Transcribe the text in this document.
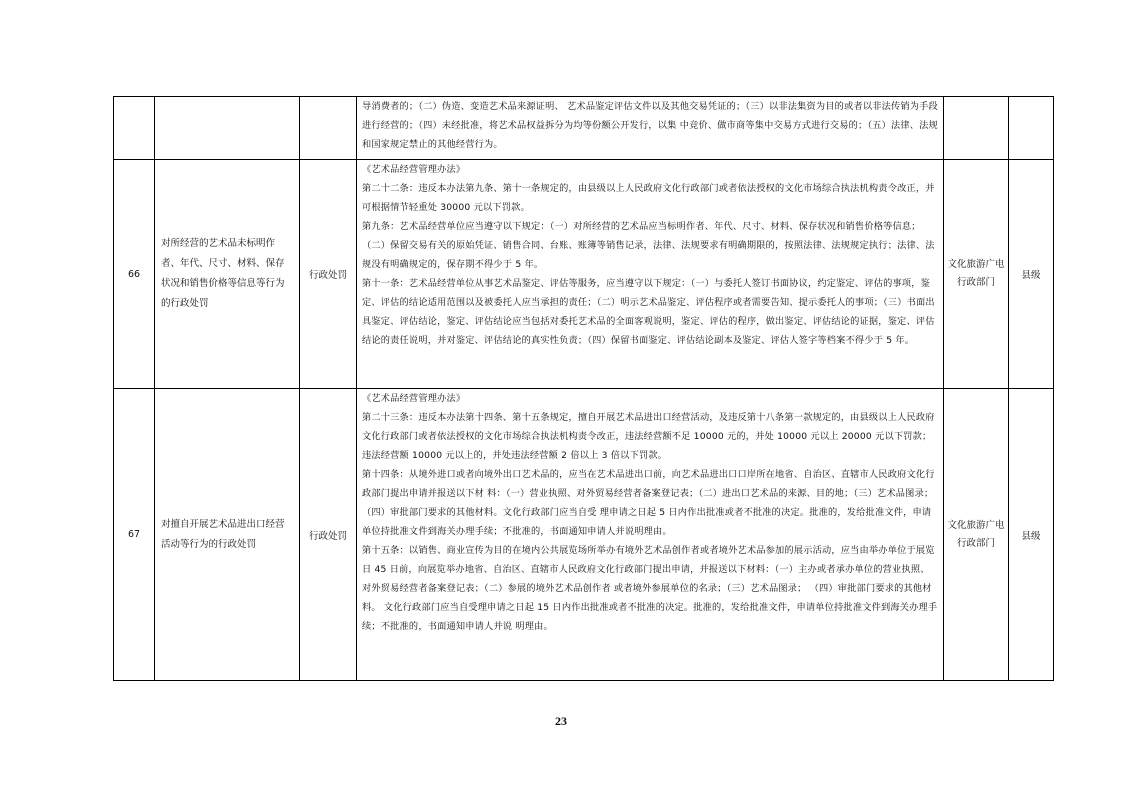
			导消费者的；（二）伪造、变造艺术品来源证明、 艺术品鉴定评估文件以及其他交易凭证的；（三）以非法集资为目的或者以非法传销为手段进行经营的；（四）未经批准，将艺术品权益拆分为均等份额公开发行，以集 中竞价、做市商等集中交易方式进行交易的；（五）法律、法规和国家规定禁止的其他经营行为。		

66	对所经营的艺术品未标明作者、年代、尺寸、材料、保存状况和销售价格等信息等行为的行政处罚	行政处罚	《艺术品经营管理办法》
第二十二条：违反本办法第九条、第十一条规定的，由县级以上人民政府文化行政部门或者依法授权的文化市场综合执法机构责令改正，并可根据情节轻重处 30000 元以下罚款。
第九条：艺术品经营单位应当遵守以下规定：（一）对所经营的艺术品应当标明作者、年代、尺寸、材料、保存状况和销售价格等信息；（二）保留交易有关的原始凭证、销售合同、台账、账簿等销售记录，法律、法规要求有明确期限的，按照法律、法规规定执行；法律、法规没有明确规定的，保存期不得少于 5 年。
第十一条：艺术品经营单位从事艺术品鉴定、评估等服务，应当遵守以下规定：（一）与委托人签订书面协议，约定鉴定、评估的事项，鉴定、评估的结论适用范围以及被委托人应当承担的责任；（二）明示艺术品鉴定、评估程序或者需要告知、提示委托人的事项；（三）书面出具鉴定、评估结论，鉴定、评估结论应当包括对委托艺术品的全面客观说明，鉴定、评估的程序，做出鉴定、评估结论的证据，鉴定、评估结论的责任说明，并对鉴定、评估结论的真实性负责；（四）保留书面鉴定、评估结论副本及鉴定、评估人签字等档案不得少于 5 年。	文化旅游广电行政部门	县级
67	对擅自开展艺术品进出口经营活动等行为的行政处罚	行政处罚	《艺术品经营管理办法》
第二十三条：违反本办法第十四条、第十五条规定，擅自开展艺术品进出口经营活动，及违反第十八条第一款规定的，由县级以上人民政府文化行政部门或者依法授权的文化市场综合执法机构责令改正，违法经营额不足 10000 元的，并处 10000 元以上 20000 元以下罚款；违法经营额 10000 元以上的，并处违法经营额 2 倍以上 3 倍以下罚款。
第十四条：从境外进口或者向境外出口艺术品的，应当在艺术品进出口前，向艺术品进出口口岸所在地省、自治区、直辖市人民政府文化行政部门提出申请并报送以下材 料：（一）营业执照、对外贸易经营者备案登记表；（二）进出口艺术品的来源、目的地；（三）艺术品图录；（四）审批部门要求的其他材料。文化行政部门应当自受 理申请之日起 5 日内作出批准或者不批准的决定。批准的，发给批准文件，申请单位持批准文件到海关办理手续；不批准的，书面通知申请人并说明理由。
第十五条：以销售、商业宣传为目的在境内公共展览场所举办有境外艺术品创作者或者境外艺术品参加的展示活动，应当由举办单位于展览日 45 日前，向展览举办地省、自治区、直辖市人民政府文化行政部门提出申请，并报送以下材料：（一）主办或者承办单位的营业执照、对外贸易经营者备案登记表；（二）参展的境外艺术品创作者 或者境外参展单位的名录；（三）艺术品图录； （四）审批部门要求的其他材料。 文化行政部门应当自受理申请之日起 15 日内作出批准或者不批准的决定。批准的，发给批准文件，申请单位持批准文件到海关办理手续；不批准的，书面通知申请人并说 明理由。	文化旅游广电行政部门	县级
23
